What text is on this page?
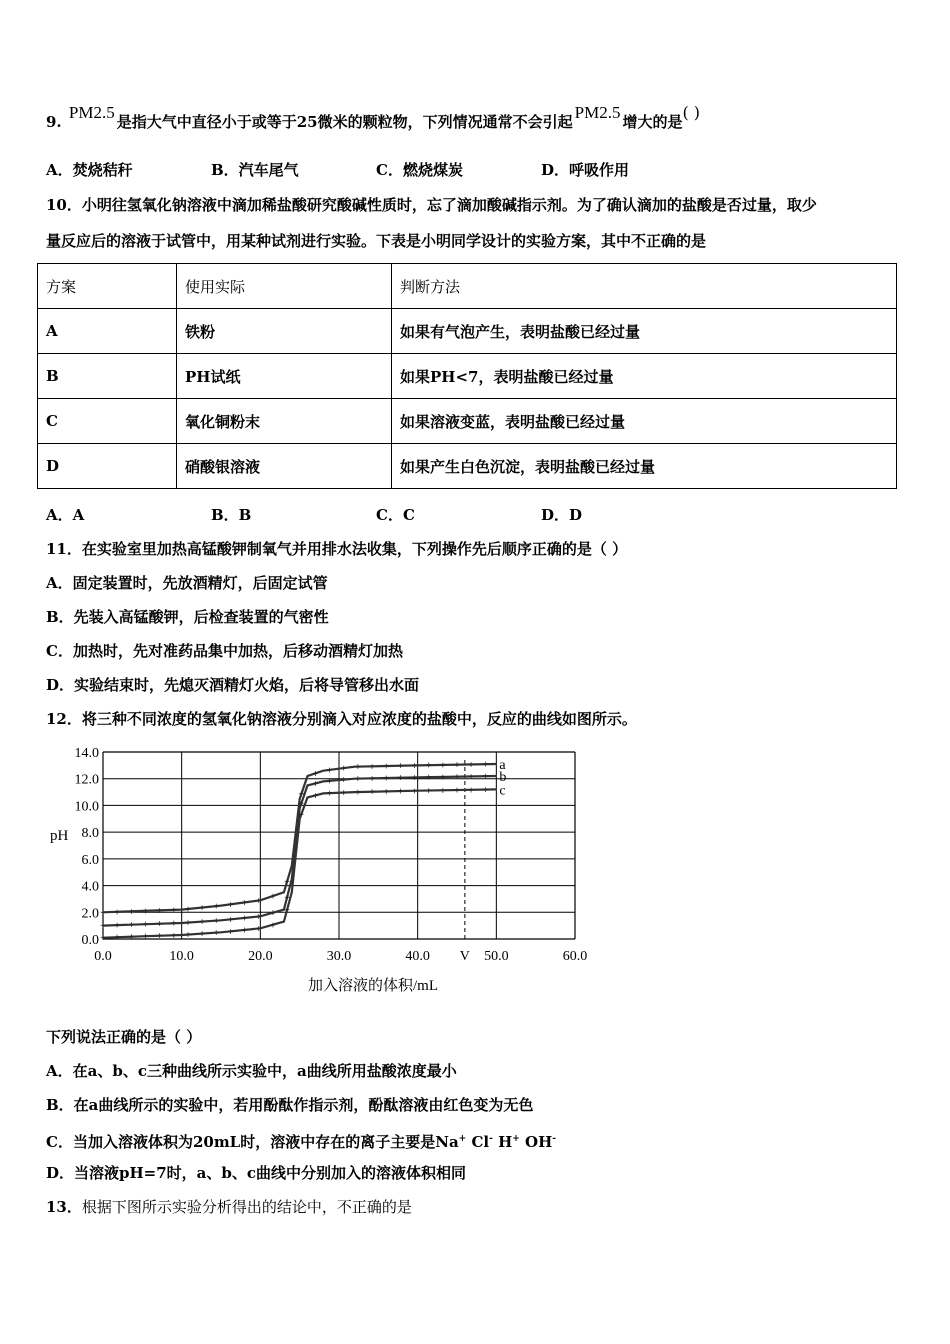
9. PM2.5 是指大气中直径小于或等于25微米的颗粒物，下列情况通常不会引起 PM2.5 增大的是( )
A．焚烧秸秆	B．汽车尾气	C．燃烧煤炭	D．呼吸作用
10．小明往氢氧化钠溶液中滴加稀盐酸研究酸碱性质时，忘了滴加酸碱指示剂。为了确认滴加的盐酸是否过量，取少
量反应后的溶液于试管中，用某种试剂进行实验。下表是小明同学设计的实验方案，其中不正确的是
方案	使用实际	判断方法
A	铁粉	如果有气泡产生，表明盐酸已经过量
B	PH试纸	如果PH<7，表明盐酸已经过量
C	氧化铜粉末	如果溶液变蓝，表明盐酸已经过量
D	硝酸银溶液	如果产生白色沉淀，表明盐酸已经过量
A．A	B．B	C．C	D．D
11．在实验室里加热高锰酸钾制氧气并用排水法收集，下列操作先后顺序正确的是（ ）
A．固定装置时，先放酒精灯，后固定试管
B．先装入高锰酸钾，后检查装置的气密性
C．加热时，先对准药品集中加热，后移动酒精灯加热
D．实验结束时，先熄灭酒精灯火焰，后将导管移出水面
12．将三种不同浓度的氢氧化钠溶液分别滴入对应浓度的盐酸中，反应的曲线如图所示。
0.0
2.0
4.0
6.0
8.0
10.0
12.0
14.0
0.0	10.0	20.0	30.0	40.0 V 50.0	60.0
+ + + + + + + + + + + + +
+
+
+ + + + + + + + + + + + + a
+ + + + + + + + + + + + +
+
+
+ + + + + + + + + + + + + b
+ + + + + + + + + + + + +
+
+
+ + + + + + + + + + + + + c
pH
加入溶液的体积/mL
下列说法正确的是（ ）
A．在a、b、c三种曲线所示实验中，a曲线所用盐酸浓度最小
B．在a曲线所示的实验中，若用酚酞作指示剂，酚酞溶液由红色变为无色
C．当加入溶液体积为20mL时，溶液中存在的离子主要是Na+ Cl- H+ OH-
D．当溶液pH=7时，a、b、c曲线中分别加入的溶液体积相同
13．根据下图所示实验分析得出的结论中，不正确的是
